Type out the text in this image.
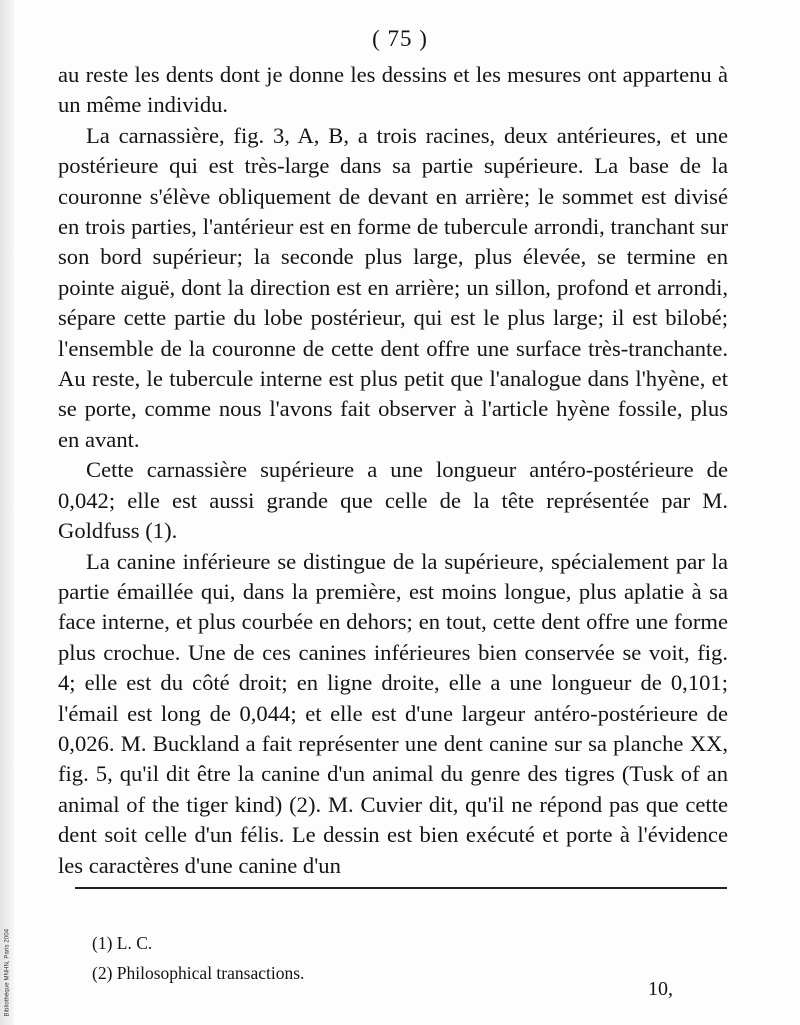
Bibliothèque MNHN, Paris 2004
( 75 )

au reste les dents dont je donne les dessins et les mesures ont appartenu à un même individu.

La carnassière, fig. 3, A, B, a trois racines, deux antérieures, et une postérieure qui est très-large dans sa partie supérieure. La base de la couronne s'élève obliquement de devant en arrière; le sommet est divisé en trois parties, l'antérieur est en forme de tubercule arrondi, tranchant sur son bord supérieur; la seconde plus large, plus élevée, se termine en pointe aiguë, dont la direction est en arrière; un sillon, profond et arrondi, sépare cette partie du lobe postérieur, qui est le plus large; il est bilobé; l'ensemble de la couronne de cette dent offre une surface très-tranchante. Au reste, le tubercule interne est plus petit que l'analogue dans l'hyène, et se porte, comme nous l'avons fait observer à l'article hyène fossile, plus en avant.

Cette carnassière supérieure a une longueur antéro-postérieure de 0,042; elle est aussi grande que celle de la tête représentée par M. Goldfuss (1).

La canine inférieure se distingue de la supérieure, spécialement par la partie émaillée qui, dans la première, est moins longue, plus aplatie à sa face interne, et plus courbée en dehors; en tout, cette dent offre une forme plus crochue. Une de ces canines inférieures bien conservée se voit, fig. 4; elle est du côté droit; en ligne droite, elle a une longueur de 0,101; l'émail est long de 0,044; et elle est d'une largeur antéro-postérieure de 0,026. M. Buckland a fait représenter une dent canine sur sa planche XX, fig. 5, qu'il dit être la canine d'un animal du genre des tigres (Tusk of an animal of the tiger kind) (2). M. Cuvier dit, qu'il ne répond pas que cette dent soit celle d'un félis. Le dessin est bien exécuté et porte à l'évidence les caractères d'une canine d'un

(1) L. C.

(2) Philosophical transactions.

10,
